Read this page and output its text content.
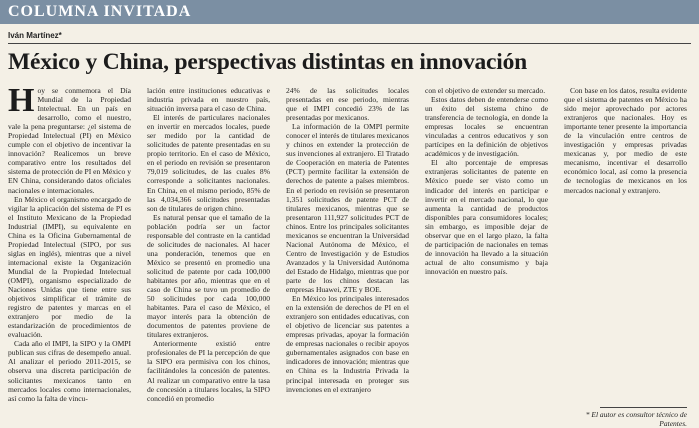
COLUMNA INVITADA
Iván Martínez*
México y China, perspectivas distintas en innovación

Hoy se conmemora el Día Mundial de la Propiedad Intelectual. En un país en desarrollo, como el nuestro, vale la pena preguntarse: ¿el sistema de Propiedad Intelectual (PI) en México cumple con el objetivo de incentivar la innovación? Realicemos un breve comparativo entre los resultados del sistema de protección de PI en México y EN China, considerando datos oficiales nacionales e internacionales.

En México el organismo encargado de vigilar la aplicación del sistema de PI es el Instituto Mexicano de la Propiedad Industrial (IMPI), su equivalente en China es la Oficina Gubernamental de Propiedad Intelectual (SIPO, por sus siglas en inglés), mientras que a nivel internacional existe la Organización Mundial de la Propiedad Intelectual (OMPI), organismo especializado de Naciones Unidas que tiene entre sus objetivos simplificar el trámite de registro de patentes y marcas en el extranjero por medio de la estandarización de procedimientos de evaluación.

Cada año el IMPI, la SIPO y la OMPI publican sus cifras de desempeño anual. Al analizar el periodo 2011-2015, se observa una discreta participación de solicitantes mexicanos tanto en mercados locales como internacionales, así como la falta de vincu-

lación entre instituciones educativas e industria privada en nuestro país, situación inversa para el caso de China.

El interés de particulares nacionales en invertir en mercados locales, puede ser medido por la cantidad de solicitudes de patente presentadas en su propio territorio. En el caso de México, en el periodo en revisión se presentaron 79,019 solicitudes, de las cuales 8% corresponde a solicitantes nacionales. En China, en el mismo periodo, 85% de las 4,034,366 solicitudes presentadas son de titulares de origen chino.

Es natural pensar que el tamaño de la población podría ser un factor responsable del contraste en la cantidad de solicitudes de nacionales. Al hacer una ponderación, tenemos que en México se presentó en promedio una solicitud de patente por cada 100,000 habitantes por año, mientras que en el caso de China se tuvo un promedio de 50 solicitudes por cada 100,000 habitantes. Para el caso de México, el mayor interés para la obtención de documentos de patentes proviene de titulares extranjeros.

Anteriormente existió entre profesionales de PI la percepción de que la SIPO era permisiva con los chinos, facilitándoles la concesión de patentes. Al realizar un comparativo entre la tasa de concesión a titulares locales, la SIPO concedió en promedio

24% de las solicitudes locales presentadas en ese periodo, mientras que el IMPI concedió 23% de las presentadas por mexicanos.

La información de la OMPI permite conocer el interés de titulares mexicanos y chinos en extender la protección de sus invenciones al extranjero. El Tratado de Cooperación en materia de Patentes (PCT) permite facilitar la extensión de derechos de patente a países miembros. En el periodo en revisión se presentaron 1,351 solicitudes de patente PCT de titulares mexicanos, mientras que se presentaron 111,927 solicitudes PCT de chinos. Entre los principales solicitantes mexicanos se encuentran la Universidad Nacional Autónoma de México, el Centro de Investigación y de Estudios Avanzados y la Universidad Autónoma del Estado de Hidalgo, mientras que por parte de los chinos destacan las empresas Huawei, ZTE y BOE.

En México los principales interesados en la extensión de derechos de PI en el extranjero son entidades educativas, con el objetivo de licenciar sus patentes a empresas privadas, apoyar la formación de empresas nacionales o recibir apoyos gubernamentales asignados con base en indicadores de innovación; mientras que en China es la Industria Privada la principal interesada en proteger sus invenciones en el extranjero

con el objetivo de extender su mercado.

Estos datos deben de entenderse como un éxito del sistema chino de transferencia de tecnología, en donde la empresas locales se encuentran vinculadas a centros educativos y son partícipes en la definición de objetivos académicos y de investigación.

El alto porcentaje de empresas extranjeras solicitantes de patente en México puede ser visto como un indicador del interés en participar e invertir en el mercado nacional, lo que aumenta la cantidad de productos disponibles para consumidores locales; sin embargo, es imposible dejar de observar que en el largo plazo, la falta de participación de nacionales en temas de innovación ha llevado a la situación actual de alto consumismo y baja innovación en nuestro país.

Con base en los datos, resulta evidente que el sistema de patentes en México ha sido mejor aprovechado por actores extranjeros que nacionales. Hoy es importante tener presente la importancia de la vinculación entre centros de investigación y empresas privadas mexicanas y, por medio de este mecanismo, incentivar el desarrollo económico local, así como la presencia de tecnologías de mexicanos en los mercados nacional y extranjero.

* El autor es consultor técnico de Patentes.
